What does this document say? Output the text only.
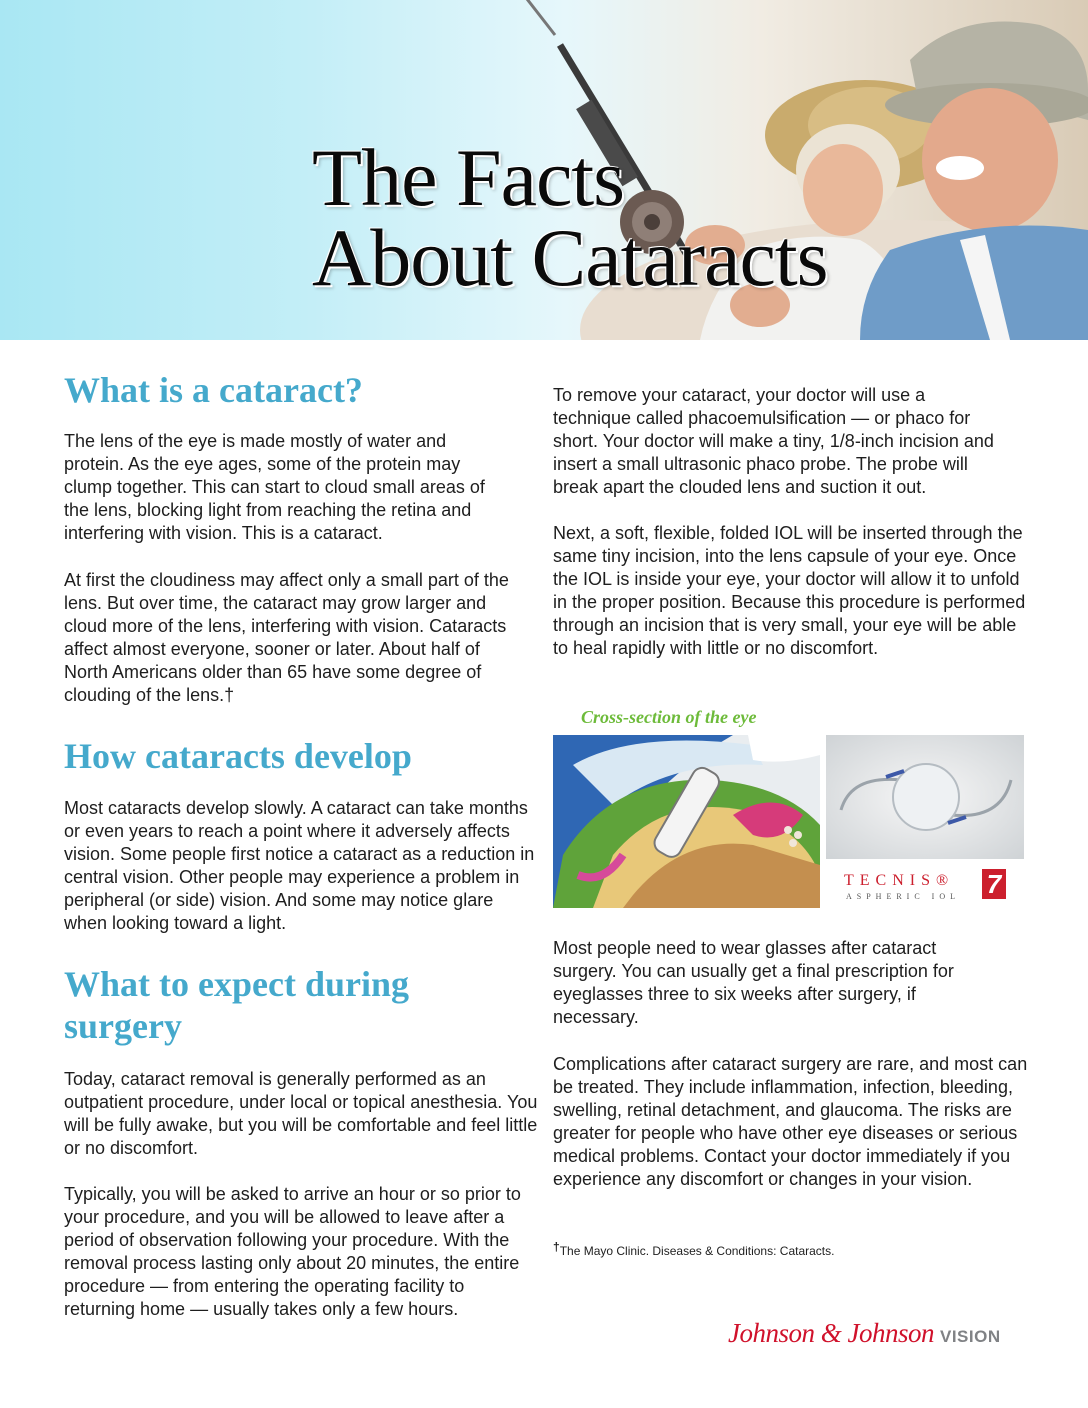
The Facts
About Cataracts
What is a cataract?

The lens of the eye is made mostly of water and protein. As the eye ages, some of the protein may clump together. This can start to cloud small areas of the lens, blocking light from reaching the retina and interfering with vision. This is a cataract.

At first the cloudiness may affect only a small part of the lens. But over time, the cataract may grow larger and cloud more of the lens, interfering with vision. Cataracts affect almost everyone, sooner or later. About half of North Americans older than 65 have some degree of clouding of the lens.†

How cataracts develop

Most cataracts develop slowly. A cataract can take months or even years to reach a point where it adversely affects vision. Some people first notice a cataract as a reduction in central vision. Other people may experience a problem in peripheral (or side) vision. And some may notice glare when looking toward a light.

What to expect during surgery

Today, cataract removal is generally performed as an outpatient procedure, under local or topical anesthesia. You will be fully awake, but you will be comfortable and feel little or no discomfort.

Typically, you will be asked to arrive an hour or so prior to your procedure, and you will be allowed to leave after a period of observation following your procedure. With the removal process lasting only about 20 minutes, the entire procedure — from entering the operating facility to returning home — usually takes only a few hours.

To remove your cataract, your doctor will use a technique called phacoemulsification — or phaco for short. Your doctor will make a tiny, 1/8-inch incision and insert a small ultrasonic phaco probe. The probe will break apart the clouded lens and suction it out.

Next, a soft, flexible, folded IOL will be inserted through the same tiny incision, into the lens capsule of your eye. Once the IOL is inside your eye, your doctor will allow it to unfold in the proper position. Because this procedure is performed through an incision that is very small, your eye will be able to heal rapidly with little or no discomfort.

Cross-section of the eye
TECNIS®
ASPHERIC IOL 7

Most people need to wear glasses after cataract surgery. You can usually get a final prescription for eyeglasses three to six weeks after surgery, if necessary.

Complications after cataract surgery are rare, and most can be treated. They include inflammation, infection, bleeding, swelling, retinal detachment, and glaucoma. The risks are greater for people who have other eye diseases or serious medical problems. Contact your doctor immediately if you experience any discomfort or changes in your vision.

†The Mayo Clinic. Diseases & Conditions: Cataracts.
Johnson & Johnson VISION
